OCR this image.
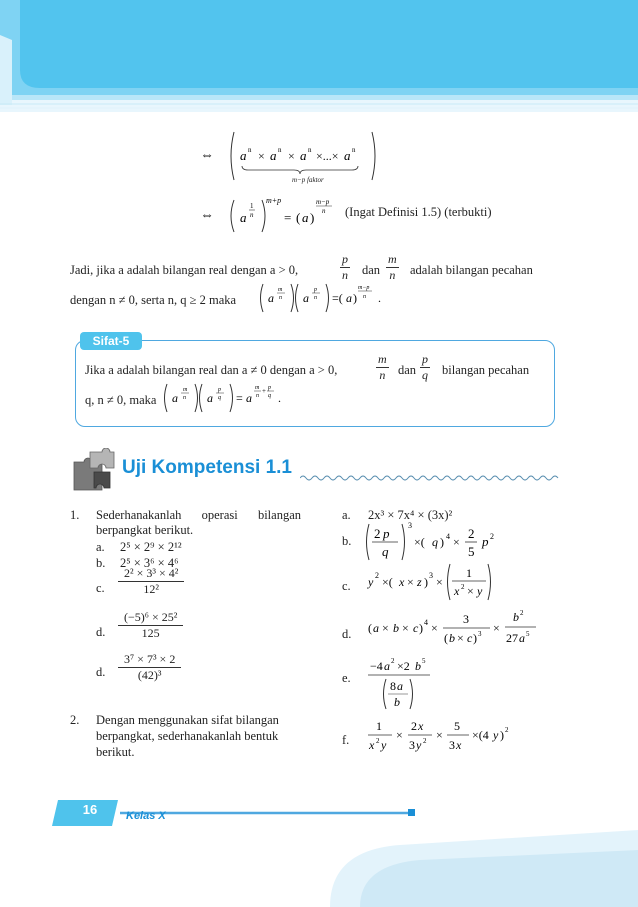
⇔ a n × a n × a n ×...× a n
m−p faktor
⇔ a
1
n
m+p
= ( a )
m−p
n (Ingat Definisi 1.5) (terbukti)
Jadi, jika a adalah bilangan real dengan a > 0,	$\frac{p}{n}$ dan $\frac{m}{n}$ adalah bilangan pecahan
dengan n ≠ 0, serta n, q ≥ 2 maka	a
m
n a
p
n =( a )
m−p
n .
Sifat-5
Jika a adalah bilangan real dan a ≠ 0 dengan a > 0,	$\frac{m}{n}$ dan $\frac{p}{q}$ bilangan pecahan
q, n ≠ 0, maka a
m
n a
p
q = a
m
n
+ p
q .
Uji Kompetensi 1.1
1. Sederhanakanlah operasi bilangan
berpangkat berikut.
a. 2⁵ × 2⁹ × 2¹²
b. 2⁵ × 3⁶ × 4⁶
c. $\frac{\text{2² × 3³ × 4²}}{\text{12²}}$
d. $\frac{\text{(−5)⁶ × 25²}}{125}$
d. $\frac{\text{3⁷ × 7³ × 2}}{\text{(42)³}}$
2. Dengan menggunakan sifat bilangan
berpangkat, sederhanakanlah bentuk
berikut.
a. 2x³ × 7x⁴ × (3x)²
b. 2 p
q
3
×( q ) 4 ×
2
5
p 2
c. y 2 ×( x × z ) 3 ×
1
x 2 × y
d. ( a × b × c ) 4 ×
3
( b × c ) 3 ×
b 2
27 a 5
e.
−4 a 2 ×2 b 5
8 a
b
f.
1
x 2 y
×
2 x
3 y 2 ×
5
3 x
×(4 y ) 2
16	Kelas X
